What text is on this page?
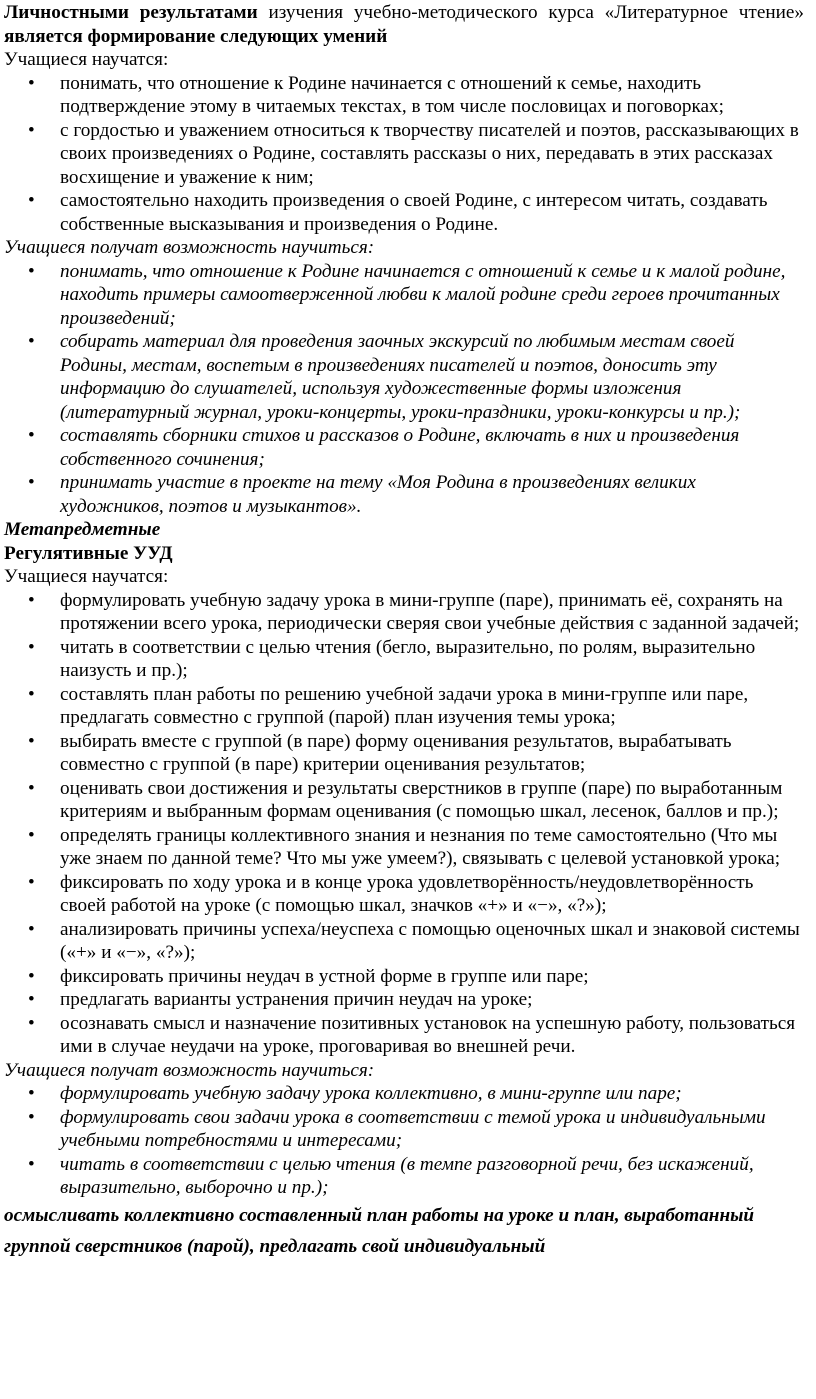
Личностными результатами изучения учебно-методического курса «Литературное чтение» является формирование следующих умений

Учащиеся научатся:

• понимать, что отношение к Родине начинается с отношений к семье, находить подтверждение этому в читаемых текстах, в том числе пословицах и поговорках;
• с гордостью и уважением относиться к творчеству писателей и поэтов, рассказывающих в своих произведениях о Родине, составлять рассказы о них, передавать в этих рассказах восхищение и уважение к ним;
• самостоятельно находить произведения о своей Родине, с интересом читать, создавать собственные высказывания и произведения о Родине.

Учащиеся получат возможность научиться:

• понимать, что отношение к Родине начинается с отношений к семье и к малой родине, находить примеры самоотверженной любви к малой родине среди героев прочитанных произведений;
• собирать материал для проведения заочных экскурсий по любимым местам своей Родины, местам, воспетым в произведениях писателей и поэтов, доносить эту информацию до слушателей, используя художественные формы изложения (литературный журнал, уроки-концерты, уроки-праздники, уроки-конкурсы и пр.);
• составлять сборники стихов и рассказов о Родине, включать в них и произведения собственного сочинения;
• принимать участие в проекте на тему «Моя Родина в произведениях великих художников, поэтов и музыкантов».

Метапредметные

Регулятивные УУД

Учащиеся научатся:

• формулировать учебную задачу урока в мини-группе (паре), принимать её, сохранять на протяжении всего урока, периодически сверяя свои учебные действия с заданной задачей;
• читать в соответствии с целью чтения (бегло, выразительно, по ролям, выразительно наизусть и пр.);
• составлять план работы по решению учебной задачи урока в мини-группе или паре, предлагать совместно с группой (парой) план изучения темы урока;
• выбирать вместе с группой (в паре) форму оценивания результатов, вырабатывать совместно с группой (в паре) критерии оценивания результатов;
• оценивать свои достижения и результаты сверстников в группе (паре) по выработанным критериям и выбранным формам оценивания (с помощью шкал, лесенок, баллов и пр.);
• определять границы коллективного знания и незнания по теме самостоятельно (Что мы уже знаем по данной теме? Что мы уже умеем?), связывать с целевой установкой урока;
• фиксировать по ходу урока и в конце урока удовлетворённость/неудовлетворённость своей работой на уроке (с помощью шкал, значков «+» и «−», «?»);
• анализировать причины успеха/неуспеха с помощью оценочных шкал и знаковой системы («+» и «−», «?»);
• фиксировать причины неудач в устной форме в группе или паре;
• предлагать варианты устранения причин неудач на уроке;
• осознавать смысл и назначение позитивных установок на успешную работу, пользоваться ими в случае неудачи на уроке, проговаривая во внешней речи.

Учащиеся получат возможность научиться:

• формулировать учебную задачу урока коллективно, в мини-группе или паре;
• формулировать свои задачи урока в соответствии с темой урока и индивидуальными учебными потребностями и интересами;
• читать в соответствии с целью чтения (в темпе разговорной речи, без искажений, выразительно, выборочно и пр.);

осмысливать коллективно составленный план работы на уроке и план, выработанный
группой сверстников (парой), предлагать свой индивидуальный
